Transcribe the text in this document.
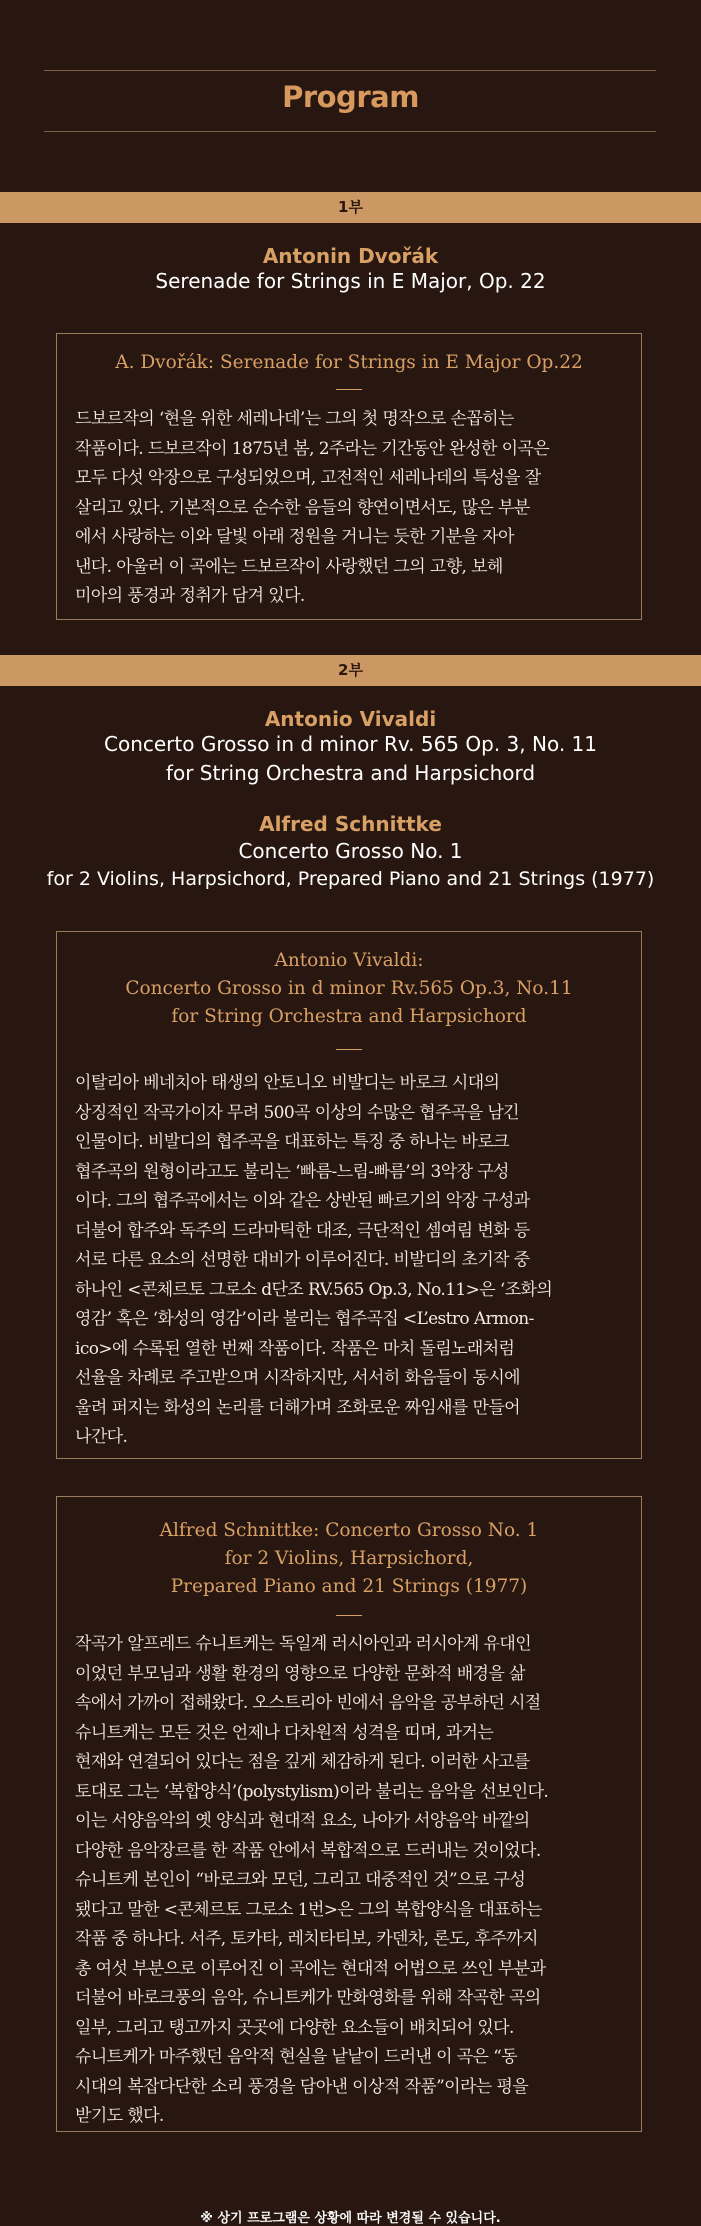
Program
1부
Antonin Dvořák
Serenade for Strings in E Major, Op. 22
A. Dvořák: Serenade for Strings in E Major Op.22
드보르작의 ‘현을 위한 세레나데’는 그의 첫 명작으로 손꼽히는
작품이다. 드보르작이 1875년 봄, 2주라는 기간동안 완성한 이곡은
모두 다섯 악장으로 구성되었으며, 고전적인 세레나데의 특성을 잘
살리고 있다. 기본적으로 순수한 음들의 향연이면서도, 많은 부분
에서 사랑하는 이와 달빛 아래 정원을 거니는 듯한 기분을 자아
낸다. 아울러 이 곡에는 드보르작이 사랑했던 그의 고향, 보헤
미아의 풍경과 정취가 담겨 있다.
2부
Antonio Vivaldi
Concerto Grosso in d minor Rv. 565 Op. 3, No. 11
for String Orchestra and Harpsichord
Alfred Schnittke
Concerto Grosso No. 1
for 2 Violins, Harpsichord, Prepared Piano and 21 Strings (1977)
Antonio Vivaldi:
Concerto Grosso in d minor Rv.565 Op.3, No.11
for String Orchestra and Harpsichord
이탈리아 베네치아 태생의 안토니오 비발디는 바로크 시대의
상징적인 작곡가이자 무려 500곡 이상의 수많은 협주곡을 남긴
인물이다. 비발디의 협주곡을 대표하는 특징 중 하나는 바로크
협주곡의 원형이라고도 불리는 ‘빠름-느림-빠름’의 3악장 구성
이다. 그의 협주곡에서는 이와 같은 상반된 빠르기의 악장 구성과
더불어 합주와 독주의 드라마틱한 대조, 극단적인 셈여림 변화 등
서로 다른 요소의 선명한 대비가 이루어진다. 비발디의 초기작 중
하나인 <콘체르토 그로소 d단조 RV.565 Op.3, No.11>은 ‘조화의
영감’ 혹은 ‘화성의 영감’이라 불리는 협주곡집 <L’estro Armon-
ico>에 수록된 열한 번째 작품이다. 작품은 마치 돌림노래처럼
선율을 차례로 주고받으며 시작하지만, 서서히 화음들이 동시에
울려 퍼지는 화성의 논리를 더해가며 조화로운 짜임새를 만들어
나간다.
Alfred Schnittke: Concerto Grosso No. 1
for 2 Violins, Harpsichord,
Prepared Piano and 21 Strings (1977)
작곡가 알프레드 슈니트케는 독일계 러시아인과 러시아계 유대인
이었던 부모님과 생활 환경의 영향으로 다양한 문화적 배경을 삶
속에서 가까이 접해왔다. 오스트리아 빈에서 음악을 공부하던 시절
슈니트케는 모든 것은 언제나 다차원적 성격을 띠며, 과거는
현재와 연결되어 있다는 점을 깊게 체감하게 된다. 이러한 사고를
토대로 그는 ‘복합양식’(polystylism)이라 불리는 음악을 선보인다.
이는 서양음악의 옛 양식과 현대적 요소, 나아가 서양음악 바깥의
다양한 음악장르를 한 작품 안에서 복합적으로 드러내는 것이었다.
슈니트케 본인이 “바로크와 모던, 그리고 대중적인 것”으로 구성
됐다고 말한 <콘체르토 그로소 1번>은 그의 복합양식을 대표하는
작품 중 하나다. 서주, 토카타, 레치타티보, 카덴차, 론도, 후주까지
총 여섯 부분으로 이루어진 이 곡에는 현대적 어법으로 쓰인 부분과
더불어 바로크풍의 음악, 슈니트케가 만화영화를 위해 작곡한 곡의
일부, 그리고 탱고까지 곳곳에 다양한 요소들이 배치되어 있다.
슈니트케가 마주했던 음악적 현실을 낱낱이 드러낸 이 곡은 “동
시대의 복잡다단한 소리 풍경을 담아낸 이상적 작품”이라는 평을
받기도 했다.
※ 상기 프로그램은 상황에 따라 변경될 수 있습니다.
